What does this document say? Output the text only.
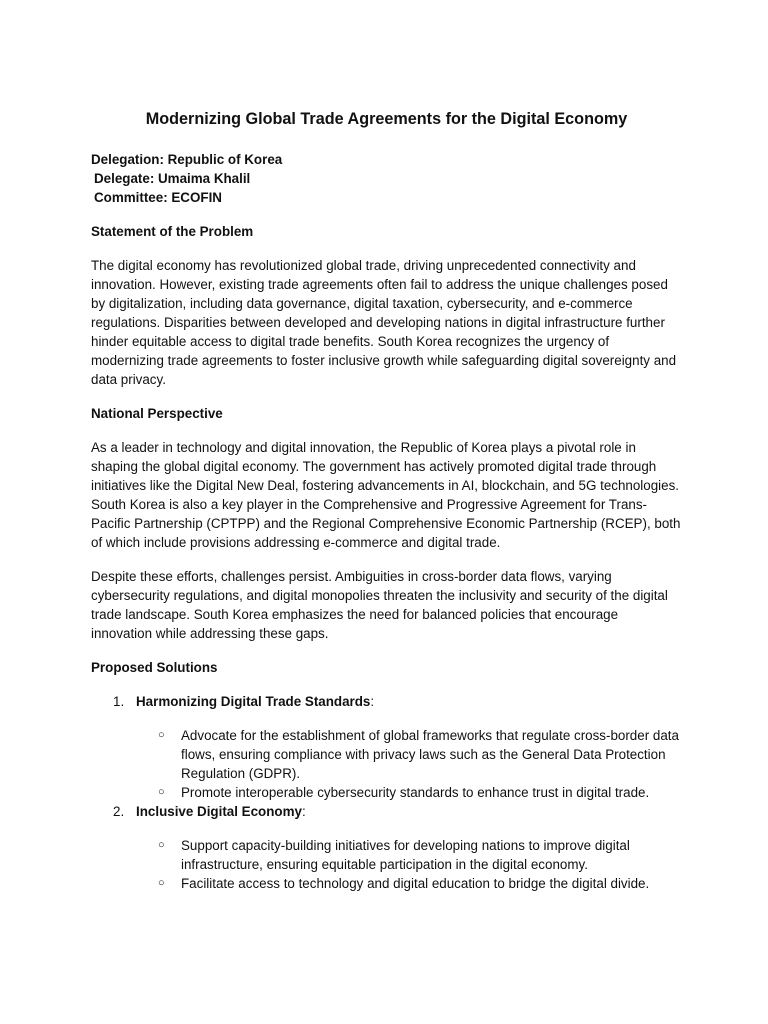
Modernizing Global Trade Agreements for the Digital Economy

Delegation: Republic of Korea

Delegate: Umaima Khalil

Committee: ECOFIN

Statement of the Problem

The digital economy has revolutionized global trade, driving unprecedented connectivity and innovation. However, existing trade agreements often fail to address the unique challenges posed by digitalization, including data governance, digital taxation, cybersecurity, and e-commerce regulations. Disparities between developed and developing nations in digital infrastructure further hinder equitable access to digital trade benefits. South Korea recognizes the urgency of modernizing trade agreements to foster inclusive growth while safeguarding digital sovereignty and data privacy.

National Perspective

As a leader in technology and digital innovation, the Republic of Korea plays a pivotal role in shaping the global digital economy. The government has actively promoted digital trade through initiatives like the Digital New Deal, fostering advancements in AI, blockchain, and 5G technologies. South Korea is also a key player in the Comprehensive and Progressive Agreement for Trans-Pacific Partnership (CPTPP) and the Regional Comprehensive Economic Partnership (RCEP), both of which include provisions addressing e-commerce and digital trade.

Despite these efforts, challenges persist. Ambiguities in cross-border data flows, varying cybersecurity regulations, and digital monopolies threaten the inclusivity and security of the digital trade landscape. South Korea emphasizes the need for balanced policies that encourage innovation while addressing these gaps.

Proposed Solutions

1. Harmonizing Digital Trade Standards:
○ Advocate for the establishment of global frameworks that regulate cross-border data flows, ensuring compliance with privacy laws such as the General Data Protection Regulation (GDPR).
○ Promote interoperable cybersecurity standards to enhance trust in digital trade.
2. Inclusive Digital Economy:
○ Support capacity-building initiatives for developing nations to improve digital infrastructure, ensuring equitable participation in the digital economy.
○ Facilitate access to technology and digital education to bridge the digital divide.
